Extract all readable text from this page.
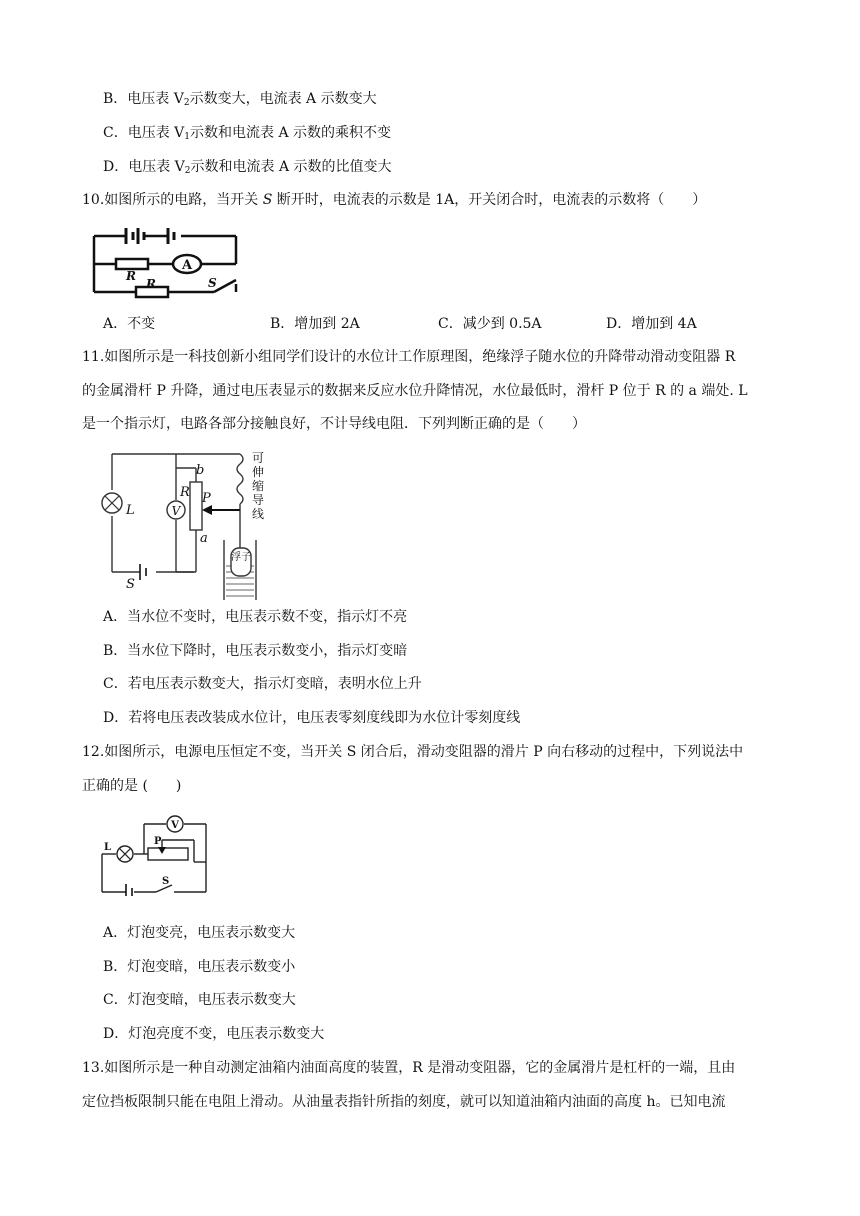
B．电压表 $V_2$示数变大，电流表 A 示数变大
C．电压表 $V_1$示数和电流表 A 示数的乘积不变
D．电压表 $V_2$示数和电流表 A 示数的比值变大
10.如图所示的电路，当开关 S 断开时，电流表的示数是 1A，开关闭合时，电流表的示数将（　　）
A
R
R	S
A．不变	B．增加到 2A	C．减少到 0.5A	D．增加到 4A
11.如图所示是一科技创新小组同学们设计的水位计工作原理图，绝缘浮子随水位的升降带动滑动变阻器 R
的金属滑杆 P 升降，通过电压表显示的数据来反应水位升降情况，水位最低时，滑杆 P 位于 R 的 a 端处. L
是一个指示灯，电路各部分接触良好，不计导线电阻．下列判断正确的是（　　）
V
浮子
L
R
b
P
a
S
可
伸
缩
导
线
A．当水位不变时，电压表示数不变，指示灯不亮
B．当水位下降时，电压表示数变小，指示灯变暗
C．若电压表示数变大，指示灯变暗，表明水位上升
D．若将电压表改装成水位计，电压表零刻度线即为水位计零刻度线
12.如图所示，电源电压恒定不变，当开关 S 闭合后，滑动变阻器的滑片 P 向右移动的过程中，下列说法中
正确的是 (　　)
V
L
P
S
A．灯泡变亮，电压表示数变大
B．灯泡变暗，电压表示数变小
C．灯泡变暗，电压表示数变大
D．灯泡亮度不变，电压表示数变大
13.如图所示是一种自动测定油箱内油面高度的装置，R 是滑动变阻器，它的金属滑片是杠杆的一端，且由
定位挡板限制只能在电阻上滑动。从油量表指针所指的刻度，就可以知道油箱内油面的高度 h。已知电流
